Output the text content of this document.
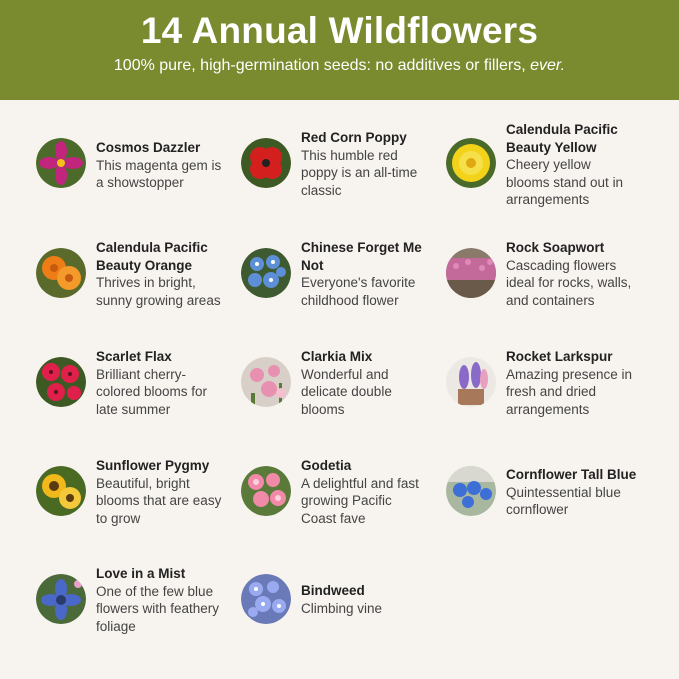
14 Annual Wildflowers
100% pure, high-germination seeds: no additives or fillers, ever.
Cosmos Dazzler
This magenta gem is
a showstopper
Red Corn Poppy
This humble red
poppy is an all-time
classic
Calendula Pacific
Beauty Yellow
Cheery yellow
blooms stand out in
arrangements
Calendula Pacific
Beauty Orange
Thrives in bright,
sunny growing areas
Chinese Forget Me
Not
Everyone's favorite
childhood flower
Rock Soapwort
Cascading flowers
ideal for rocks, walls,
and containers
Scarlet Flax
Brilliant cherry-
colored blooms for
late summer
Clarkia Mix
Wonderful and
delicate double
blooms
Rocket Larkspur
Amazing presence in
fresh and dried
arrangements
Sunflower Pygmy
Beautiful, bright
blooms that are easy
to grow
Godetia
A delightful and fast
growing Pacific
Coast fave
Cornflower Tall Blue
Quintessential blue
cornflower
Love in a Mist
One of the few blue
flowers with feathery
foliage
Bindweed
Climbing vine
